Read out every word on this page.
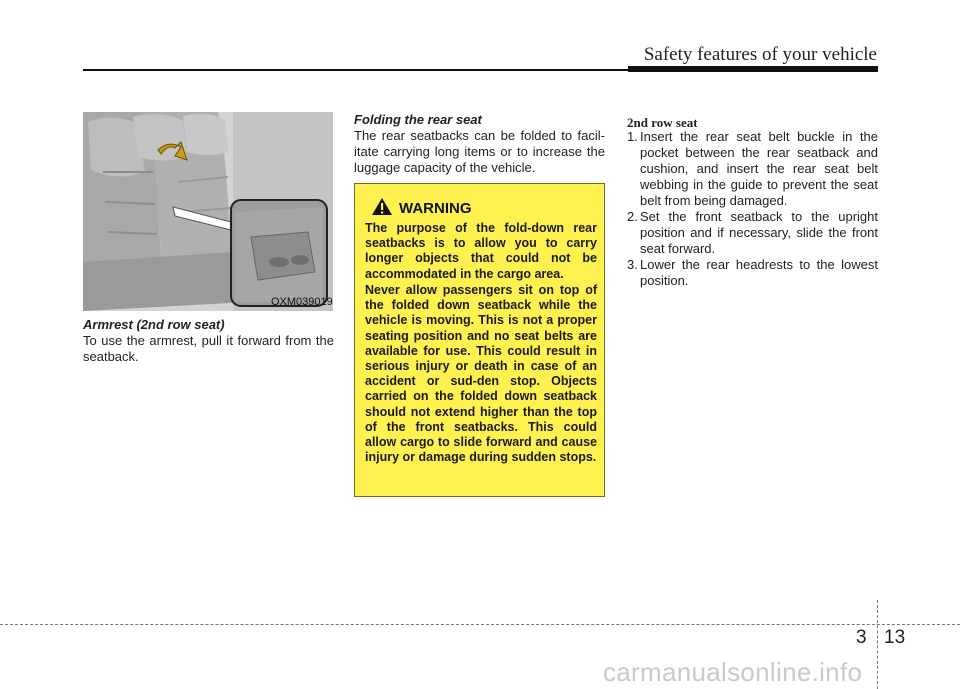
Safety features of your vehicle
OXM039019
Armrest (2nd row seat)
To use the armrest, pull it forward from the seatback.
Folding the rear seat
The rear seatbacks can be folded to facil-itate carrying long items or to increase the luggage capacity of the vehicle.
WARNING
The purpose of the fold-down rear seatbacks is to allow you to carry longer objects that could not be accommodated in the cargo area.
Never allow passengers sit on top of the folded down seatback while the vehicle is moving. This is not a proper seating position and no seat belts are available for use. This could result in serious injury or death in case of an accident or sud-den stop. Objects carried on the folded down seatback should not extend higher than the top of the front seatbacks. This could allow cargo to slide forward and cause injury or damage during sudden stops.
2nd row seat
1. Insert the rear seat belt buckle in the pocket between the rear seatback and cushion, and insert the rear seat belt webbing in the guide to prevent the seat belt from being damaged.
2. Set the front seatback to the upright position and if necessary, slide the front seat forward.
3. Lower the rear headrests to the lowest position.
3 13
carmanualsonline.info
